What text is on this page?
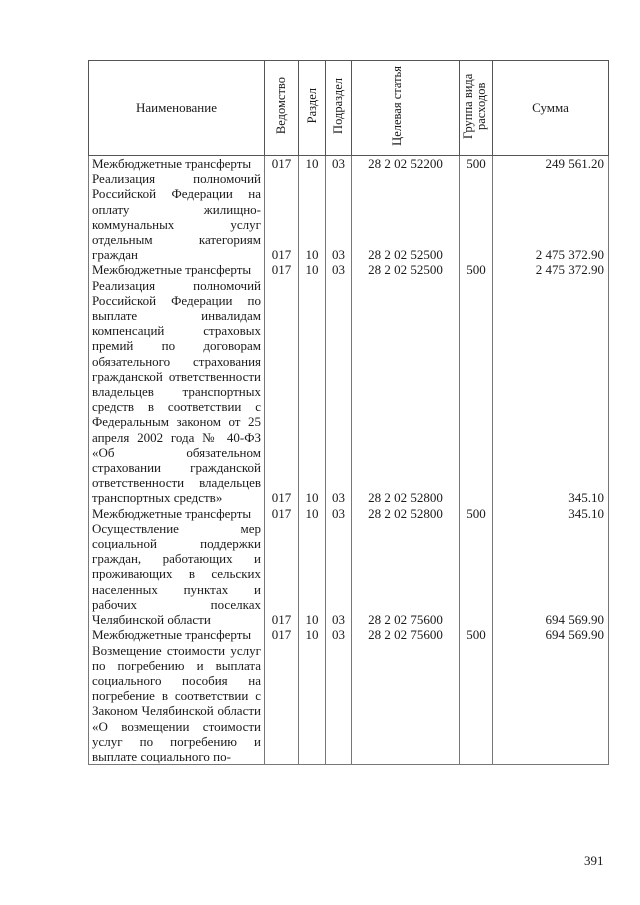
Наименование	Ведомство	Раздел	Подраздел	Целевая статья	Группа вида расходов	Сумма
Межбюджетные трансферты	017	10	03	28 2 02 52200	500	249 561.20
Реализация полномочий Российской Федерации на оплату жилищно-коммунальных услуг отдельным категориям граждан	017	10	03	28 2 02 52500		2 475 372.90
Межбюджетные трансферты	017	10	03	28 2 02 52500	500	2 475 372.90
Реализация полномочий Российской Федерации по выплате инвалидам компенсаций страховых премий по договорам обязательного страхования гражданской ответственности владельцев транспортных средств в соответствии с Федеральным законом от 25 апреля 2002 года № 40-ФЗ «Об обязательном страховании гражданской ответственности владельцев транспортных средств»	017	10	03	28 2 02 52800		345.10
Межбюджетные трансферты	017	10	03	28 2 02 52800	500	345.10
Осуществление мер социальной поддержки граждан, работающих и проживающих в сельских населенных пунктах и рабочих поселках Челябинской области	017	10	03	28 2 02 75600		694 569.90
Межбюджетные трансферты	017	10	03	28 2 02 75600	500	694 569.90
Возмещение стоимости услуг по погребению и выплата социального пособия на погребение в соответствии с Законом Челябинской области «О возмещении стоимости услуг по погребению и выплате социального по-						
391
